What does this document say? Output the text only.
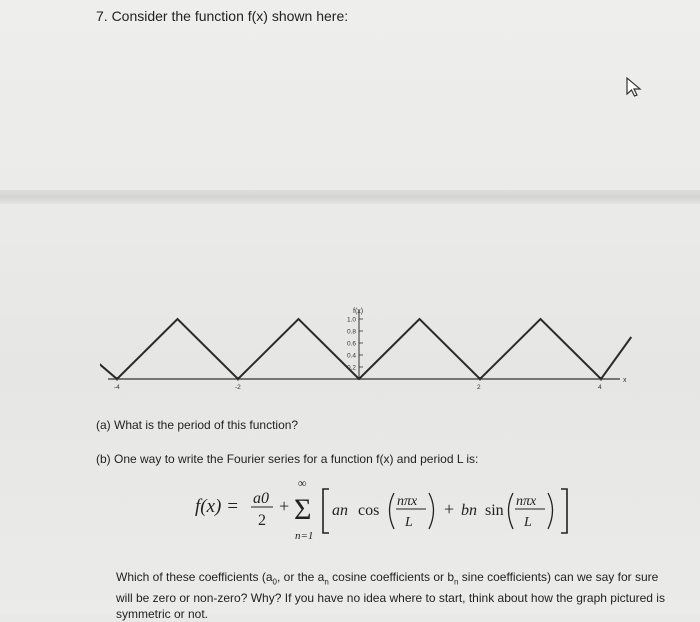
7. Consider the function f(x) shown here:
f(x)
x
1.0
0.8
0.6
0.4
0.2
-4	-2	2	4
(a) What is the period of this function?
(b) One way to write the Fourier series for a function f(x) and period L is:
f(x) = a0
2
+
∞
Σ
n=1
an cos
nπx
L
+ bn sin
nπx
L
Which of these coefficients ($a_0$, or the $a_n$ cosine coefficients or $b_n$ sine coefficients) can we say for sure will be zero or non-zero? Why? If you have no idea where to start, think about how the graph pictured is symmetric or not.
